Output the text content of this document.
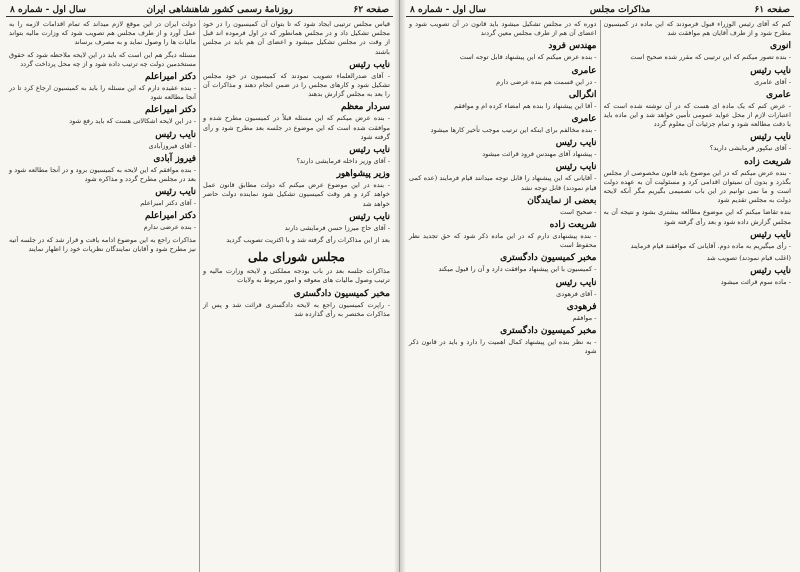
صفحه ۶۲
روزنامهٔ رسمی کشور شاهنشاهی ایران
سال اول - شماره ۸

قیاس مجلس ترتیبی ایجاد شود که تا بتوان آن کمیسیون را در خود مجلس تشکیل داد و در مجلس همانطور که در اول فرموده اند قبل از وقت در مجلس تشکیل میشود و اعضای آن هم باید در مجلس باشند

نایب رئیس

- آقای صدرالعلماء تصویب نمودند که کمیسیون در خود مجلس تشکیل شود و کارهای مجلس را در ضمن انجام دهند و مذاکرات آن را بعد به مجلس گزارش بدهند

سردار معظم

- بنده عرض میکنم که این مسئله قبلاً در کمیسیون مطرح شده و موافقت شده است که این موضوع در جلسه بعد مطرح شود و رأی گرفته شود

نایب رئیس

- آقای وزیر داخله فرمایشی دارند؟

وزیر پیشواهور

- بنده در این موضوع عرض میکنم که دولت مطابق قانون عمل خواهد کرد و هر وقت کمیسیون تشکیل شود نماینده دولت حاضر خواهد شد

نایب رئیس

- آقای حاج میرزا حسن فرمایشی دارند

بعد از این مذاکرات رأی گرفته شد و با اکثریت تصویب گردید

مجلس شورای ملی

مذاکرات جلسه بعد در باب بودجه مملکتی و لایحه وزارت مالیه و ترتیب وصول مالیات های معوقه و امور مربوط به ولایات

مخبر کمیسیون دادگستری

- راپرت کمیسیون راجع به لایحه دادگستری قرائت شد و پس از مذاکرات مختصر به رأی گذارده شد

دولت ایران در این موقع لازم میداند که تمام اقدامات لازمه را به عمل آورد و از طرف مجلس هم تصویب شود که وزارت مالیه بتواند مالیات ها را وصول نماید و به مصرف برساند

مسئله دیگر هم این است که باید در این لایحه ملاحظه شود که حقوق مستخدمین دولت چه ترتیب داده شود و از چه محل پرداخت گردد

دکتر امیراعلم

- بنده عقیده دارم که این مسئله را باید به کمیسیون ارجاع کرد تا در آنجا مطالعه شود

دکتر امیراعلم

- در این لایحه اشکالاتی هست که باید رفع شود

نایب رئیس

- آقای فیروزآبادی

فیروز آبادی

- بنده موافقم که این لایحه به کمیسیون برود و در آنجا مطالعه شود و بعد در مجلس مطرح گردد و مذاکره شود

نایب رئیس

- آقای دکتر امیراعلم

دکتر امیراعلم

- بنده عرضی ندارم

مذاکرات راجع به این موضوع ادامه یافت و قرار شد که در جلسه آتیه نیز مطرح شود و آقایان نمایندگان نظریات خود را اظهار نمایند

صفحه ۶۱
مذاکرات مجلس
سال اول - شماره ۸

کنم که آقای رئیس الوزراء قبول فرمودند که این ماده در کمیسیون مطرح شود و از طرف آقایان هم موافقت شد

انوری

- بنده تصور میکنم که این ترتیبی که مقرر شده صحیح است

نایب رئیس

- آقای عامری

عامری

- عرض کنم که یک ماده ای هست که در آن نوشته شده است که اعتبارات لازم از محل عواید عمومی تأمین خواهد شد و این ماده باید با دقت مطالعه شود و تمام جزئیات آن معلوم گردد

نایب رئیس

- آقای نیکپور فرمایشی دارید؟

شریعت زاده

- بنده عرض میکنم که در این موضوع باید قانون مخصوصی از مجلس بگذرد و بدون آن نمیتوان اقدامی کرد و مسئولیت آن به عهده دولت است و ما نمی توانیم در این باب تصمیمی بگیریم مگر آنکه لایحه دولت به مجلس تقدیم شود

بنده تقاضا میکنم که این موضوع مطالعه بیشتری بشود و نتیجه آن به مجلس گزارش داده شود و بعد رأی گرفته شود

نایب رئیس

- رأی میگیریم به ماده دوم. آقایانی که موافقند قیام فرمایند

(اغلب قیام نمودند) تصویب شد

نایب رئیس

- ماده سوم قرائت میشود

دوره که در مجلس تشکیل میشود باید قانون در آن تصویب شود و اعضای آن هم از طرف مجلس معین گردند

مهندس فرود

- بنده عرض میکنم که این پیشنهاد قابل توجه است

عامری

- در این قسمت هم بنده عرضی دارم

انگرالی

- آقا این پیشنهاد را بنده هم امضاء کرده ام و موافقم

عامری

- بنده مخالفم برای اینکه این ترتیب موجب تأخیر کارها میشود

نایب رئیس

- پیشنهاد آقای مهندس فرود قرائت میشود

نایب رئیس

- آقایانی که این پیشنهاد را قابل توجه میدانند قیام فرمایند (عده کمی قیام نمودند) قابل توجه نشد

بعضی از نمایندگان

- صحیح است

شریعت زاده

- بنده پیشنهادی دارم که در این ماده ذکر شود که حق تجدید نظر محفوظ است

مخبر کمیسیون دادگستری

- کمیسیون با این پیشنهاد موافقت دارد و آن را قبول میکند

نایب رئیس

- آقای فرهودی

فرهودی

- موافقم

مخبر کمیسیون دادگستری

- به نظر بنده این پیشنهاد کمال اهمیت را دارد و باید در قانون ذکر شود
